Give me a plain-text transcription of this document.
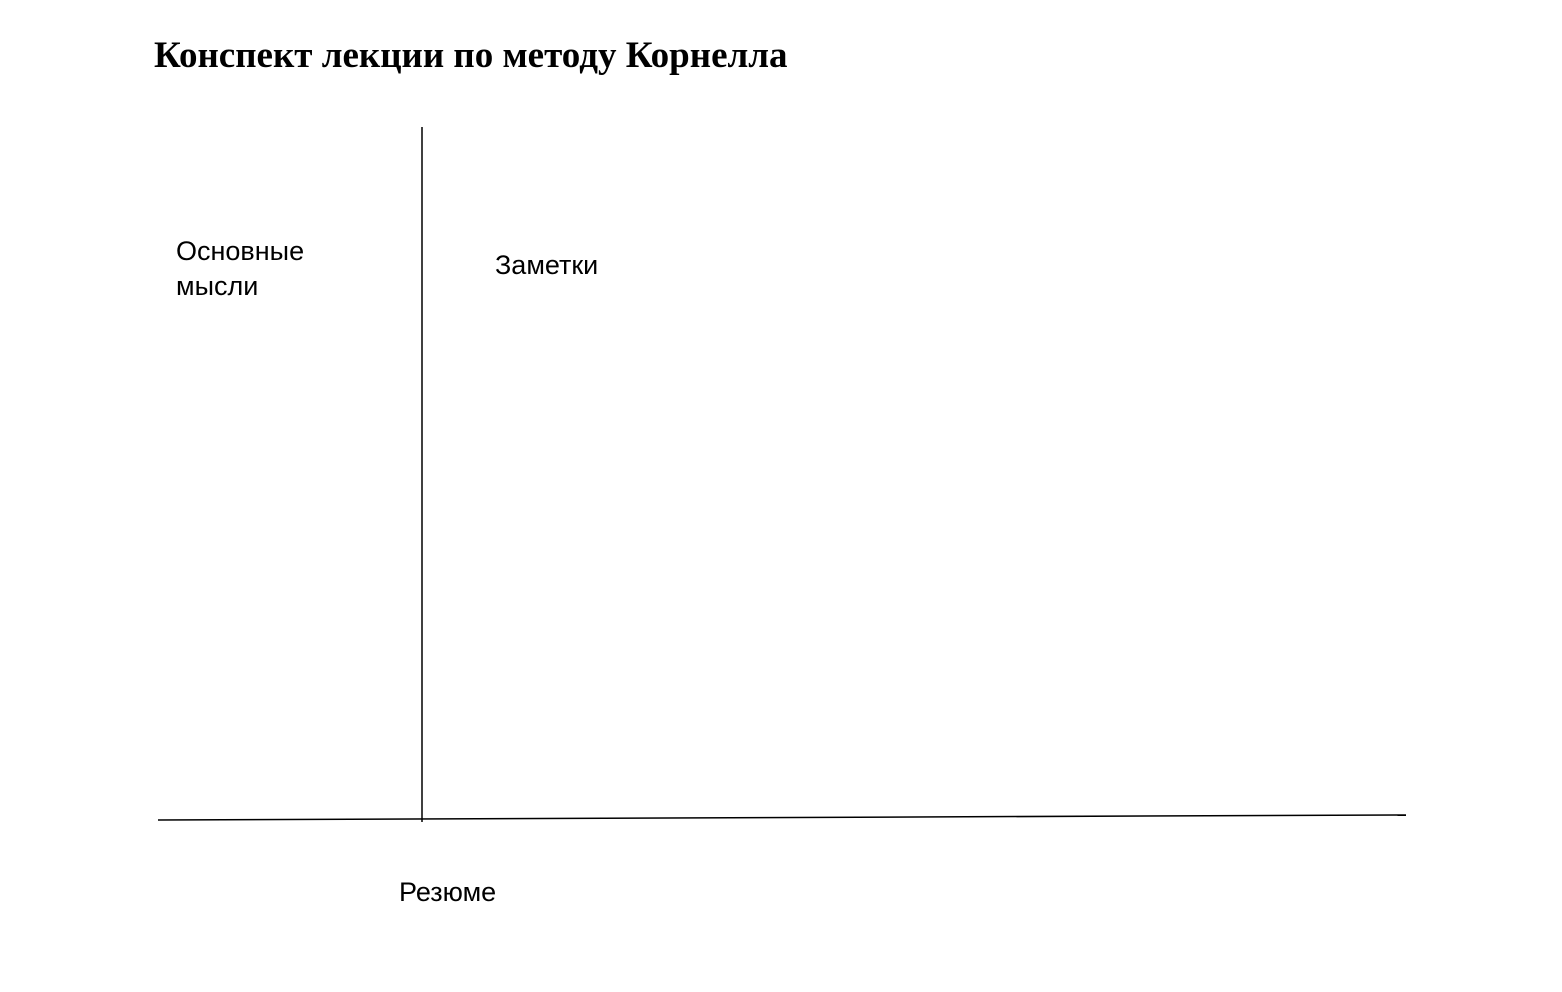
Конспект лекции по методу Корнелла
Основные
мысли
Заметки
Резюме
